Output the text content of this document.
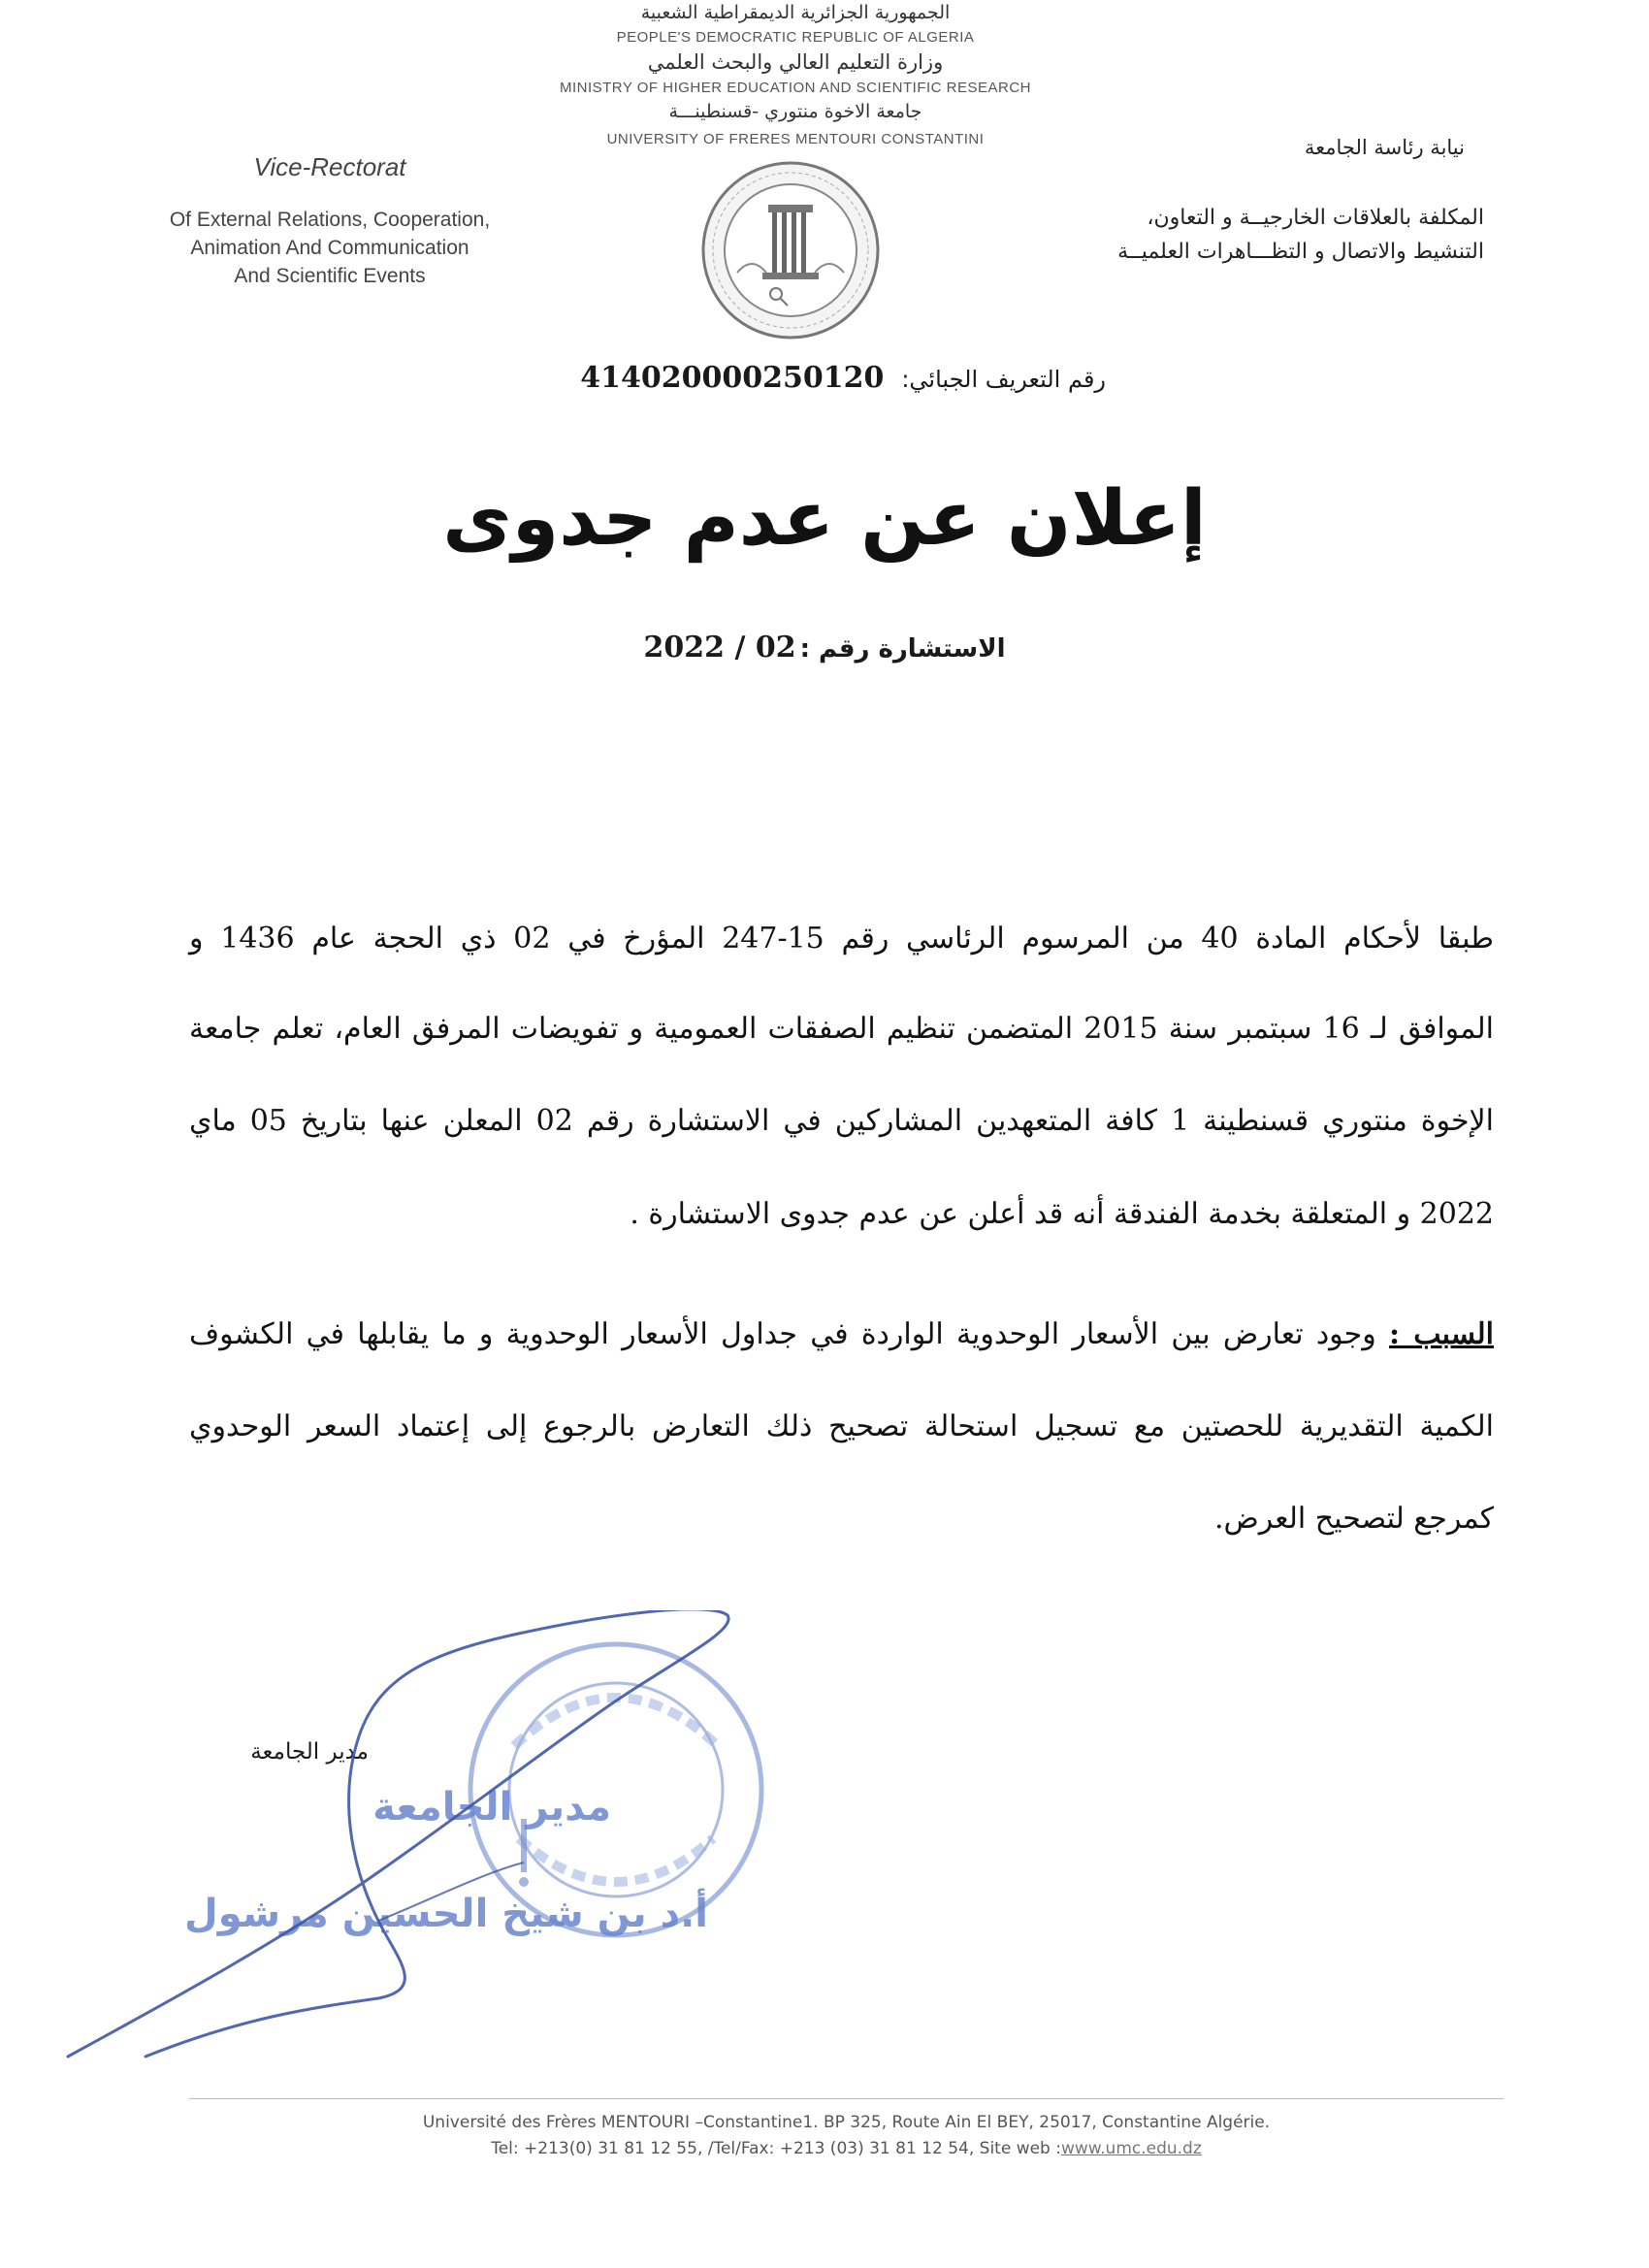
الجمهورية الجزائرية الديمقراطية الشعبية
PEOPLE'S DEMOCRATIC REPUBLIC OF ALGERIA
وزارة التعليم العالي والبحث العلمي
MINISTRY OF HIGHER EDUCATION AND SCIENTIFIC RESEARCH
جامعة الاخوة منتوري -قسنطينـــة
UNIVERSITY OF FRERES MENTOURI CONSTANTINI
Vice-Rectorat
Of External Relations, Cooperation,
Animation And Communication
And Scientific Events
نيابة رئاسة الجامعة
المكلفة بالعلاقات الخارجيــة و التعاون،
التنشيط والاتصال و التظـــاهرات العلميــة
رقم التعريف الجبائي: 414020000250120
إعلان عن عدم جدوى
الاستشارة رقم : 2022 / 02
طبقا لأحكام المادة 40 من المرسوم الرئاسي رقم 15-247 المؤرخ في 02 ذي الحجة عام 1436 و
الموافق لـ 16 سبتمبر سنة 2015 المتضمن تنظيم الصفقات العمومية و تفويضات المرفق العام، تعلم جامعة
الإخوة منتوري قسنطينة 1 كافة المتعهدين المشاركين في الاستشارة رقم 02 المعلن عنها بتاريخ 05 ماي
2022 و المتعلقة بخدمة الفندقة أنه قد أعلن عن عدم جدوى الاستشارة .
السبب : وجود تعارض بين الأسعار الوحدوية الواردة في جداول الأسعار الوحدوية و ما يقابلها في الكشوف
الكمية التقديرية للحصتين مع تسجيل استحالة تصحيح ذلك التعارض بالرجوع إلى إعتماد السعر الوحدوي
كمرجع لتصحيح العرض.
مدير الجامعة
مدير الجامعة
أ.د بن شيخ الحسين مرشول
Université des Frères MENTOURI –Constantine1. BP 325, Route Ain El BEY, 25017, Constantine Algérie.
Tel: +213(0) 31 81 12 55, /Tel/Fax: +213 (03) 31 81 12 54, Site web :www.umc.edu.dz
